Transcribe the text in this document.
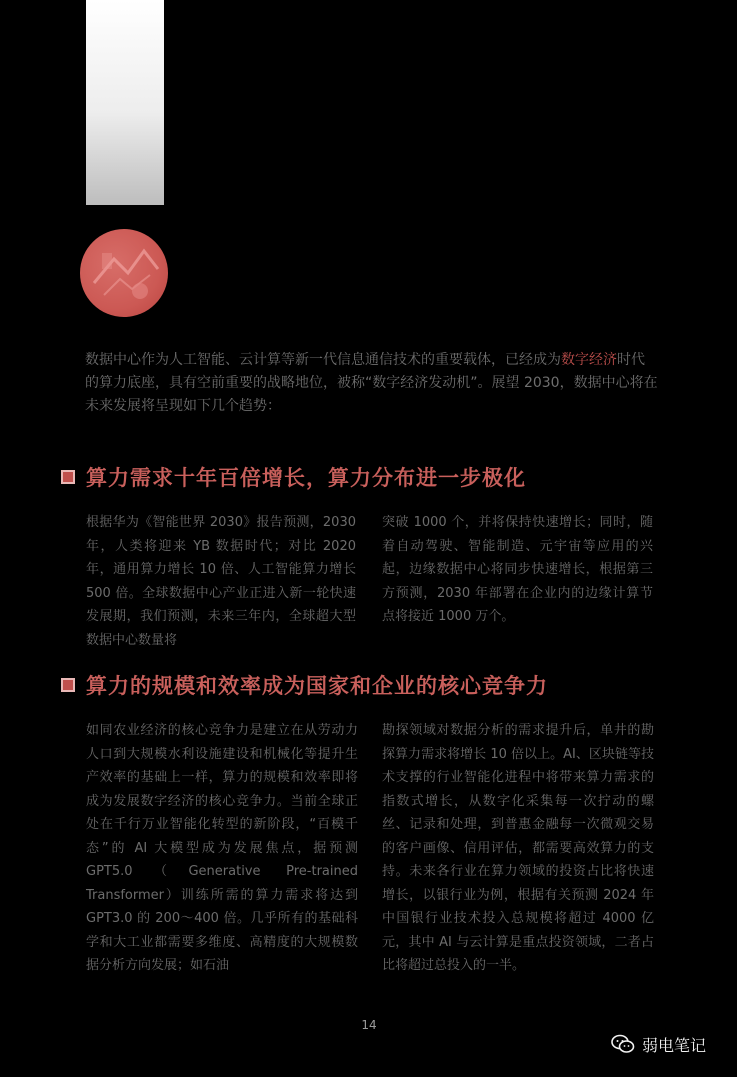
数据中心作为人工智能、云计算等新一代信息通信技术的重要载体，已经成为数字经济时代的算力底座，具有空前重要的战略地位，被称“数字经济发动机”。展望 2030，数据中心将在未来发展将呈现如下几个趋势：

算力需求十年百倍增长，算力分布进一步极化

根据华为《智能世界 2030》报告预测，2030 年，人类将迎来 YB 数据时代；对比 2020 年，通用算力增长 10 倍、人工智能算力增长 500 倍。全球数据中心产业正进入新一轮快速发展期，我们预测，未来三年内，全球超大型数据中心数量将

突破 1000 个，并将保持快速增长；同时，随着自动驾驶、智能制造、元宇宙等应用的兴起，边缘数据中心将同步快速增长，根据第三方预测，2030 年部署在企业内的边缘计算节点将接近 1000 万个。

算力的规模和效率成为国家和企业的核心竞争力

如同农业经济的核心竞争力是建立在从劳动力人口到大规模水利设施建设和机械化等提升生产效率的基础上一样，算力的规模和效率即将成为发展数字经济的核心竞争力。当前全球正处在千行万业智能化转型的新阶段，“百模千态”的 AI 大模型成为发展焦点，据预测 GPT5.0（Generative Pre-trained Transformer）训练所需的算力需求将达到 GPT3.0 的 200～400 倍。几乎所有的基础科学和大工业都需要多维度、高精度的大规模数据分析方向发展；如石油

勘探领域对数据分析的需求提升后，单井的勘探算力需求将增长 10 倍以上。AI、区块链等技术支撑的行业智能化进程中将带来算力需求的指数式增长，从数字化采集每一次拧动的螺丝、记录和处理，到普惠金融每一次微观交易的客户画像、信用评估，都需要高效算力的支持。未来各行业在算力领域的投资占比将快速增长，以银行业为例，根据有关预测 2024 年中国银行业技术投入总规模将超过 4000 亿元，其中 AI 与云计算是重点投资领域，二者占比将超过总投入的一半。

14
弱电笔记
